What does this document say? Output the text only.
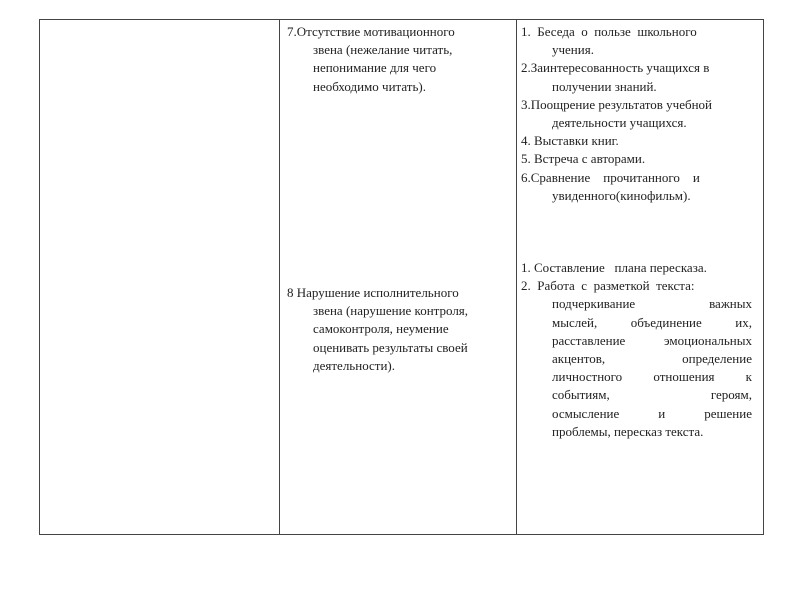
7.Отсутствие мотивационного
звена (нежелание читать,
непонимание для чего
необходимо читать).
8 Нарушение исполнительного
звена (нарушение контроля,
самоконтроля, неумение
оценивать результаты своей
деятельности).
1.  Беседа  о  пользе  школьного
учения.
2.Заинтересованность учащихся в
получении знаний.
3.Поощрение результатов учебной
деятельности учащихся.
4. Выставки книг.
5. Встреча с авторами.
6.Сравнение    прочитанного    и
увиденного(кинофильм).
1. Составление   плана пересказа.
2.  Работа  с  разметкой  текста:
подчеркивание важных
мыслей, объединение их,
расставление эмоциональных
акцентов, определение
личностного отношения к
событиям, героям,
осмысление и решение
проблемы, пересказ текста.
